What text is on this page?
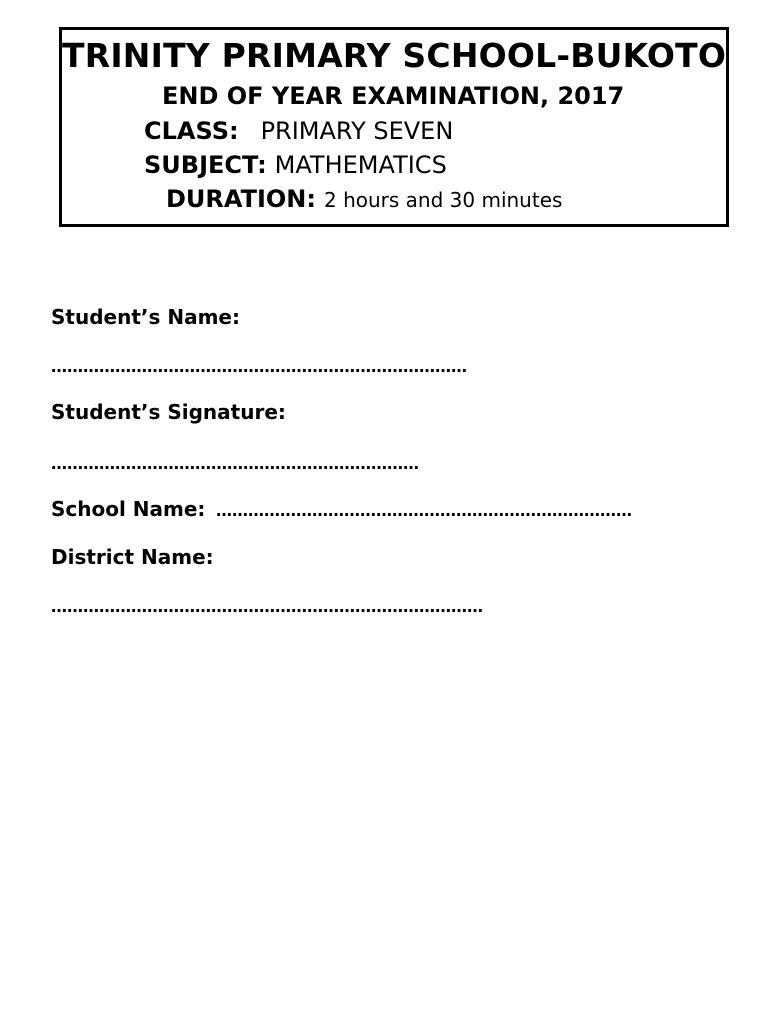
TRINITY PRIMARY SCHOOL-BUKOTO
END OF YEAR EXAMINATION, 2017
CLASS: PRIMARY SEVEN
SUBJECT: MATHEMATICS
DURATION: 2 hours and 30 minutes
Student’s Name:
……………………………………………………………………
Student’s Signature:
……………………………………………………………
School Name: ……………………………………………………………………
District Name:
………………………………………………………………………
